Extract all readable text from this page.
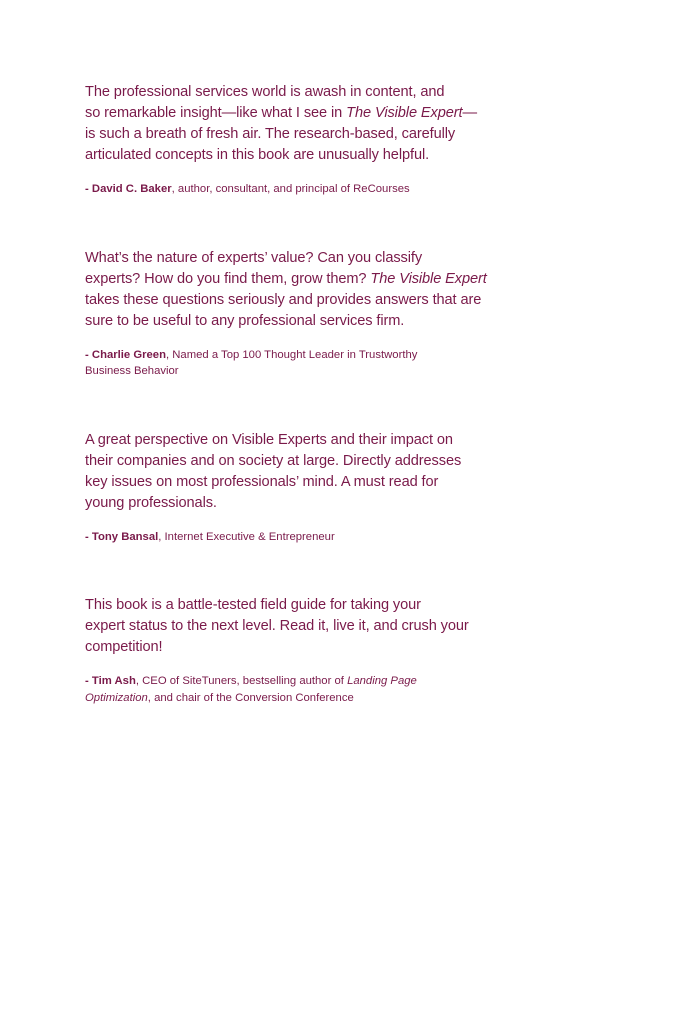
The professional services world is awash in content, and
so remarkable insight—like what I see in The Visible Expert—
is such a breath of fresh air. The research-based, carefully
articulated concepts in this book are unusually helpful.

- David C. Baker, author, consultant, and principal of ReCourses

What’s the nature of experts’ value? Can you classify
experts? How do you find them, grow them? The Visible Expert
takes these questions seriously and provides answers that are
sure to be useful to any professional services firm.

- Charlie Green, Named a Top 100 Thought Leader in Trustworthy
Business Behavior

A great perspective on Visible Experts and their impact on
their companies and on society at large. Directly addresses
key issues on most professionals’ mind. A must read for
young professionals.

- Tony Bansal, Internet Executive & Entrepreneur

This book is a battle-tested field guide for taking your
expert status to the next level. Read it, live it, and crush your
competition!

- Tim Ash, CEO of SiteTuners, bestselling author of Landing Page
Optimization, and chair of the Conversion Conference
